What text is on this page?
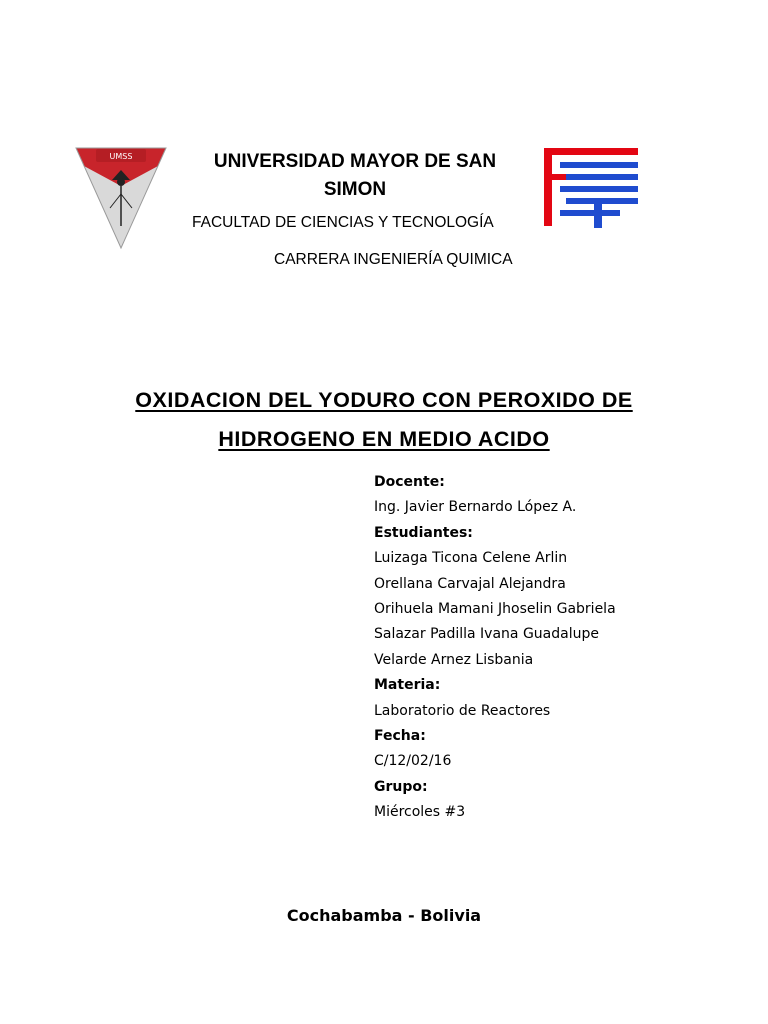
UMSS	UNIVERSIDAD MAYOR DE SAN
SIMON
FACULTAD DE CIENCIAS Y TECNOLOGÍA
CARRERA INGENIERÍA QUIMICA
OXIDACION DEL YODURO CON PEROXIDO DE
HIDROGENO EN MEDIO ACIDO
Docente:
Ing. Javier Bernardo López A.
Estudiantes:
Luizaga Ticona Celene Arlin
Orellana Carvajal Alejandra
Orihuela Mamani Jhoselin Gabriela
Salazar Padilla Ivana Guadalupe
Velarde Arnez Lisbania
Materia:
Laboratorio de Reactores
Fecha:
C/12/02/16
Grupo:
Miércoles #3
Cochabamba - Bolivia
